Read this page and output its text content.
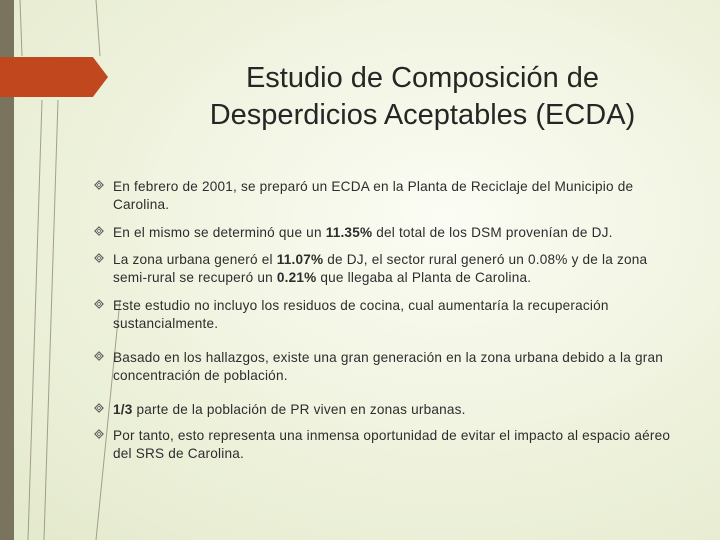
Estudio de Composición de
Desperdicios Aceptables (ECDA)
En febrero de 2001, se preparó un ECDA en la Planta de Reciclaje del Municipio de Carolina.
En el mismo se determinó que un 11.35% del total de los DSM provenían de DJ.
La zona urbana generó el 11.07% de DJ, el sector rural generó un 0.08% y de la zona semi-rural se recuperó un 0.21% que llegaba al Planta de Carolina.
Este estudio no incluyo los residuos de cocina, cual aumentaría la recuperación sustancialmente.
Basado en los hallazgos, existe una gran generación en la zona urbana debido a la gran concentración de población.
1/3 parte de la población de PR viven en zonas urbanas.
Por tanto, esto representa una inmensa oportunidad de evitar el impacto al espacio aéreo del SRS de Carolina.
